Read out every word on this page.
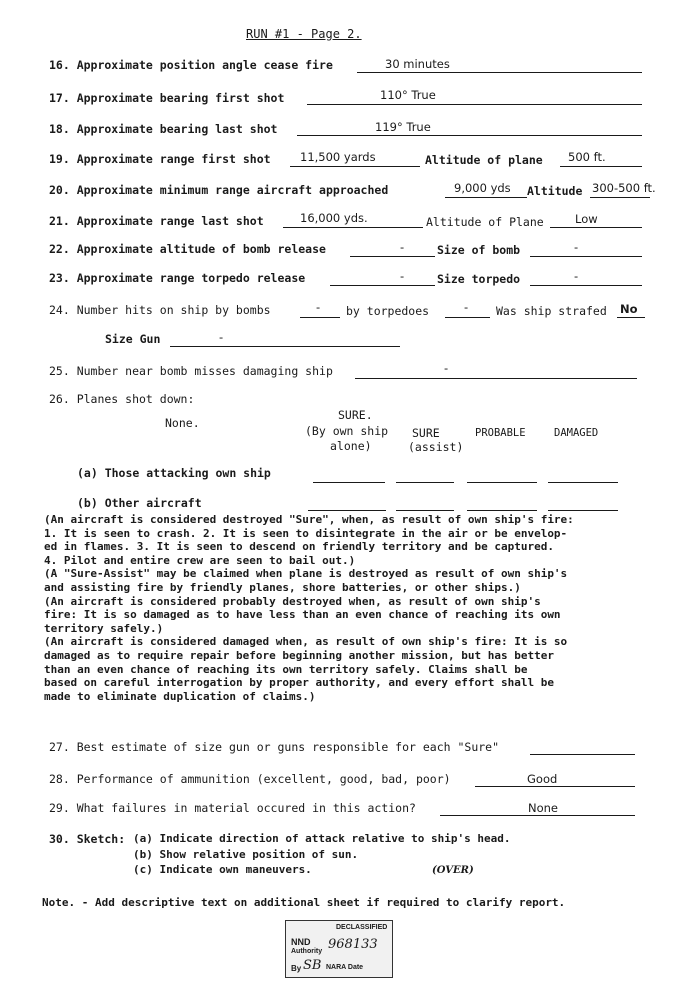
RUN #1 - Page 2.
16. Approximate position angle cease fire	30 minutes
17. Approximate bearing first shot	110° True
18. Approximate bearing last shot	119° True
19. Approximate range first shot	11,500 yards	Altitude of plane 500 ft.
20. Approximate minimum range aircraft approached	9,000 yds Altitude 300-500 ft.
21. Approximate range last shot	16,000 yds.	Altitude of Plane	Low
22. Approximate altitude of bomb release	-	Size of bomb	-
23. Approximate range torpedo release	-	Size torpedo	-
24. Number hits on ship by bombs	- by torpedoes	- Was ship strafed No
Size Gun	-
25. Number near bomb misses damaging ship	-
26. Planes shot down:
None.
SURE.
(By own ship
alone)
SURE
(assist)
PROBABLE	DAMAGED
(a) Those attacking own ship
(b) Other aircraft
(An aircraft is considered destroyed "Sure", when, as result of own ship's fire:
1. It is seen to crash. 2. It is seen to disintegrate in the air or be envelop-
ed in flames. 3. It is seen to descend on friendly territory and be captured.
4. Pilot and entire crew are seen to bail out.)
(A "Sure-Assist" may be claimed when plane is destroyed as result of own ship's
and assisting fire by friendly planes, shore batteries, or other ships.)
(An aircraft is considered probably destroyed when, as result of own ship's
fire: It is so damaged as to have less than an even chance of reaching its own
territory safely.)
(An aircraft is considered damaged when, as result of own ship's fire: It is so
damaged as to require repair before beginning another mission, but has better
than an even chance of reaching its own territory safely. Claims shall be
based on careful interrogation by proper authority, and every effort shall be
made to eliminate duplication of claims.)
27. Best estimate of size gun or guns responsible for each "Sure"
28. Performance of ammunition (excellent, good, bad, poor)	Good
29. What failures in material occured in this action?	None
30. Sketch: (a) Indicate direction of attack relative to ship's head.
(b) Show relative position of sun.
(c) Indicate own maneuvers.	(OVER)
Note. - Add descriptive text on additional sheet if required to clarify report.
DECLASSIFIED
NND
Authority 968133
By SB NARA Date
